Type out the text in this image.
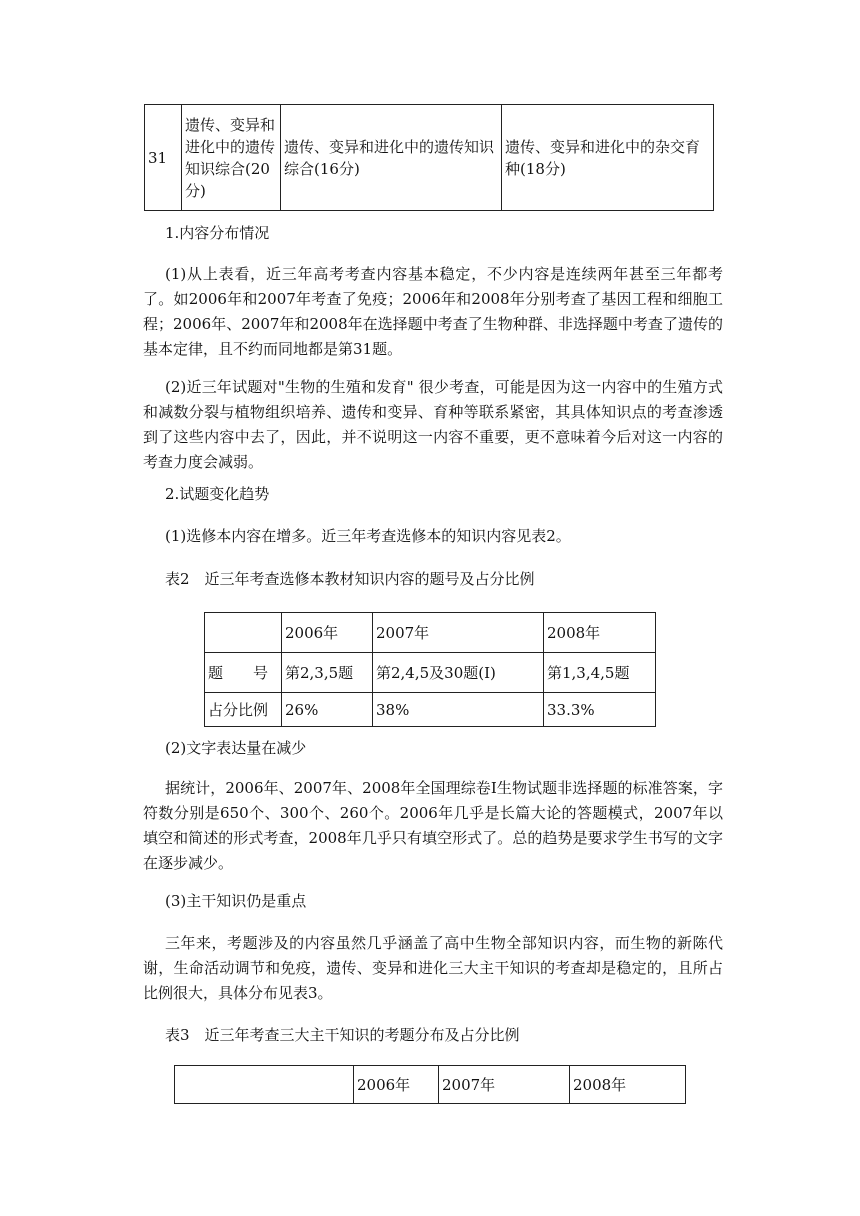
31	遗传、变异和进化中的遗传知识综合(20分)	遗传、变异和进化中的遗传知识综合(16分)	遗传、变异和进化中的杂交育种(18分)

1.内容分布情况

(1)从上表看，近三年高考考查内容基本稳定，不少内容是连续两年甚至三年都考了。如2006年和2007年考查了免疫；2006年和2008年分别考查了基因工程和细胞工程；2006年、2007年和2008年在选择题中考查了生物种群、非选择题中考查了遗传的基本定律，且不约而同地都是第31题。

(2)近三年试题对"生物的生殖和发育" 很少考查，可能是因为这一内容中的生殖方式和减数分裂与植物组织培养、遗传和变异、育种等联系紧密，其具体知识点的考查渗透到了这些内容中去了，因此，并不说明这一内容不重要，更不意味着今后对这一内容的考查力度会减弱。

2.试题变化趋势

(1)选修本内容在增多。近三年考查选修本的知识内容见表2。

表2　近三年考查选修本教材知识内容的题号及占分比例

	2006年	2007年	2008年
题　　号	第2,3,5题	第2,4,5及30题(Ⅰ)	第1,3,4,5题
占分比例	26%	38%	33.3%

(2)文字表达量在减少

据统计，2006年、2007年、2008年全国理综卷Ⅰ生物试题非选择题的标准答案，字符数分别是650个、300个、260个。2006年几乎是长篇大论的答题模式，2007年以填空和简述的形式考查，2008年几乎只有填空形式了。总的趋势是要求学生书写的文字在逐步减少。

(3)主干知识仍是重点

三年来，考题涉及的内容虽然几乎涵盖了高中生物全部知识内容，而生物的新陈代谢，生命活动调节和免疫，遗传、变异和进化三大主干知识的考查却是稳定的，且所占比例很大，具体分布见表3。

表3　近三年考查三大主干知识的考题分布及占分比例

	2006年	2007年	2008年
